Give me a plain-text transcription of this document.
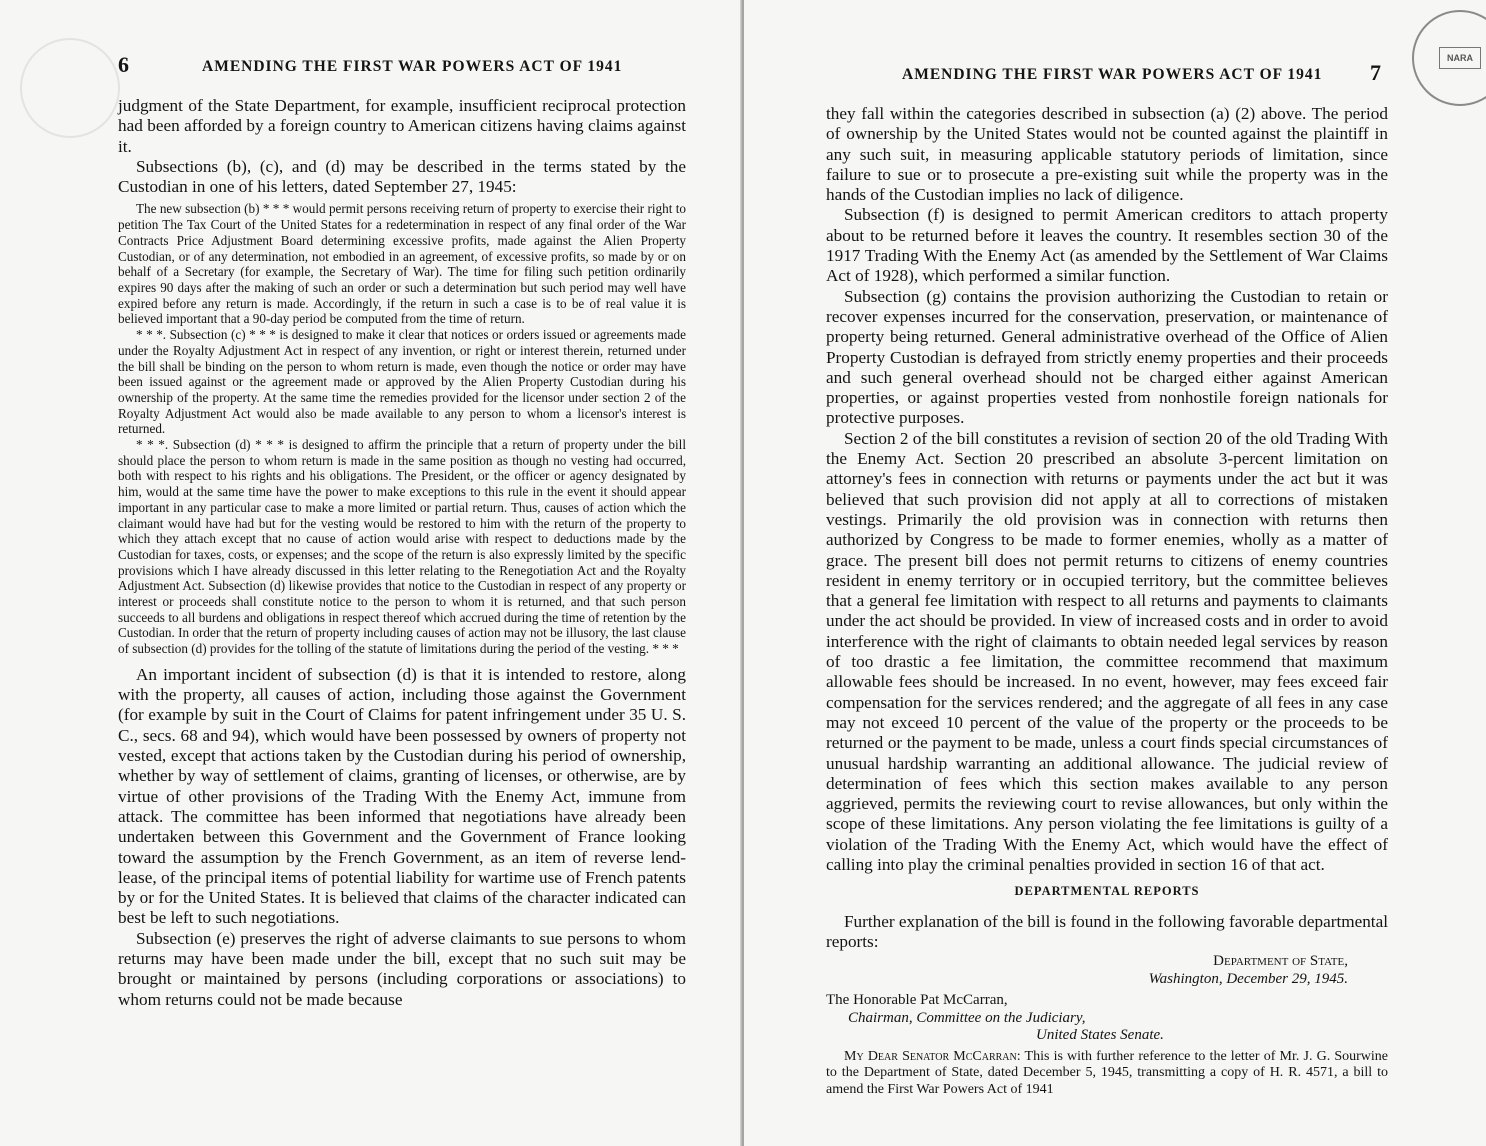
6	AMENDING THE FIRST WAR POWERS ACT OF 1941

judgment of the State Department, for example, insufficient reciprocal protection had been afforded by a foreign country to American citizens having claims against it.

Subsections (b), (c), and (d) may be described in the terms stated by the Custodian in one of his letters, dated September 27, 1945:

The new subsection (b) * * * would permit persons receiving return of property to exercise their right to petition The Tax Court of the United States for a redetermination in respect of any final order of the War Contracts Price Adjustment Board determining excessive profits, made against the Alien Property Custodian, or of any determination, not embodied in an agreement, of excessive profits, so made by or on behalf of a Secretary (for example, the Secretary of War). The time for filing such petition ordinarily expires 90 days after the making of such an order or such a determination but such period may well have expired before any return is made. Accordingly, if the return in such a case is to be of real value it is believed important that a 90-day period be computed from the time of return.

* * *. Subsection (c) * * * is designed to make it clear that notices or orders issued or agreements made under the Royalty Adjustment Act in respect of any invention, or right or interest therein, returned under the bill shall be binding on the person to whom return is made, even though the notice or order may have been issued against or the agreement made or approved by the Alien Property Custodian during his ownership of the property. At the same time the remedies provided for the licensor under section 2 of the Royalty Adjustment Act would also be made available to any person to whom a licensor's interest is returned.

* * *. Subsection (d) * * * is designed to affirm the principle that a return of property under the bill should place the person to whom return is made in the same position as though no vesting had occurred, both with respect to his rights and his obligations. The President, or the officer or agency designated by him, would at the same time have the power to make exceptions to this rule in the event it should appear important in any particular case to make a more limited or partial return. Thus, causes of action which the claimant would have had but for the vesting would be restored to him with the return of the property to which they attach except that no cause of action would arise with respect to deductions made by the Custodian for taxes, costs, or expenses; and the scope of the return is also expressly limited by the specific provisions which I have already discussed in this letter relating to the Renegotiation Act and the Royalty Adjustment Act. Subsection (d) likewise provides that notice to the Custodian in respect of any property or interest or proceeds shall constitute notice to the person to whom it is returned, and that such person succeeds to all burdens and obligations in respect thereof which accrued during the time of retention by the Custodian. In order that the return of property including causes of action may not be illusory, the last clause of subsection (d) provides for the tolling of the statute of limitations during the period of the vesting. * * *

An important incident of subsection (d) is that it is intended to restore, along with the property, all causes of action, including those against the Government (for example by suit in the Court of Claims for patent infringement under 35 U. S. C., secs. 68 and 94), which would have been possessed by owners of property not vested, except that actions taken by the Custodian during his period of ownership, whether by way of settlement of claims, granting of licenses, or otherwise, are by virtue of other provisions of the Trading With the Enemy Act, immune from attack. The committee has been informed that negotiations have already been undertaken between this Government and the Government of France looking toward the assumption by the French Government, as an item of reverse lend-lease, of the principal items of potential liability for wartime use of French patents by or for the United States. It is believed that claims of the character indicated can best be left to such negotiations.

Subsection (e) preserves the right of adverse claimants to sue persons to whom returns may have been made under the bill, except that no such suit may be brought or maintained by persons (including corporations or associations) to whom returns could not be made because

NARA
AMENDING THE FIRST WAR POWERS ACT OF 1941 7

they fall within the categories described in subsection (a) (2) above. The period of ownership by the United States would not be counted against the plaintiff in any such suit, in measuring applicable statutory periods of limitation, since failure to sue or to prosecute a pre-existing suit while the property was in the hands of the Custodian implies no lack of diligence.

Subsection (f) is designed to permit American creditors to attach property about to be returned before it leaves the country. It resembles section 30 of the 1917 Trading With the Enemy Act (as amended by the Settlement of War Claims Act of 1928), which performed a similar function.

Subsection (g) contains the provision authorizing the Custodian to retain or recover expenses incurred for the conservation, preservation, or maintenance of property being returned. General administrative overhead of the Office of Alien Property Custodian is defrayed from strictly enemy properties and their proceeds and such general overhead should not be charged either against American properties, or against properties vested from nonhostile foreign nationals for protective purposes.

Section 2 of the bill constitutes a revision of section 20 of the old Trading With the Enemy Act. Section 20 prescribed an absolute 3-percent limitation on attorney's fees in connection with returns or payments under the act but it was believed that such provision did not apply at all to corrections of mistaken vestings. Primarily the old provision was in connection with returns then authorized by Congress to be made to former enemies, wholly as a matter of grace. The present bill does not permit returns to citizens of enemy countries resident in enemy territory or in occupied territory, but the committee believes that a general fee limitation with respect to all returns and payments to claimants under the act should be provided. In view of increased costs and in order to avoid interference with the right of claimants to obtain needed legal services by reason of too drastic a fee limitation, the committee recommend that maximum allowable fees should be increased. In no event, however, may fees exceed fair compensation for the services rendered; and the aggregate of all fees in any case may not exceed 10 percent of the value of the property or the proceeds to be returned or the payment to be made, unless a court finds special circumstances of unusual hardship warranting an additional allowance. The judicial review of determination of fees which this section makes available to any person aggrieved, permits the reviewing court to revise allowances, but only within the scope of these limitations. Any person violating the fee limitations is guilty of a violation of the Trading With the Enemy Act, which would have the effect of calling into play the criminal penalties provided in section 16 of that act.

DEPARTMENTAL REPORTS

Further explanation of the bill is found in the following favorable departmental reports:

Department of State,
Washington, December 29, 1945.
The Honorable Pat McCarran,
Chairman, Committee on the Judiciary,
United States Senate.
My Dear Senator McCarran: This is with further reference to the letter of Mr. J. G. Sourwine to the Department of State, dated December 5, 1945, transmitting a copy of H. R. 4571, a bill to amend the First War Powers Act of 1941
